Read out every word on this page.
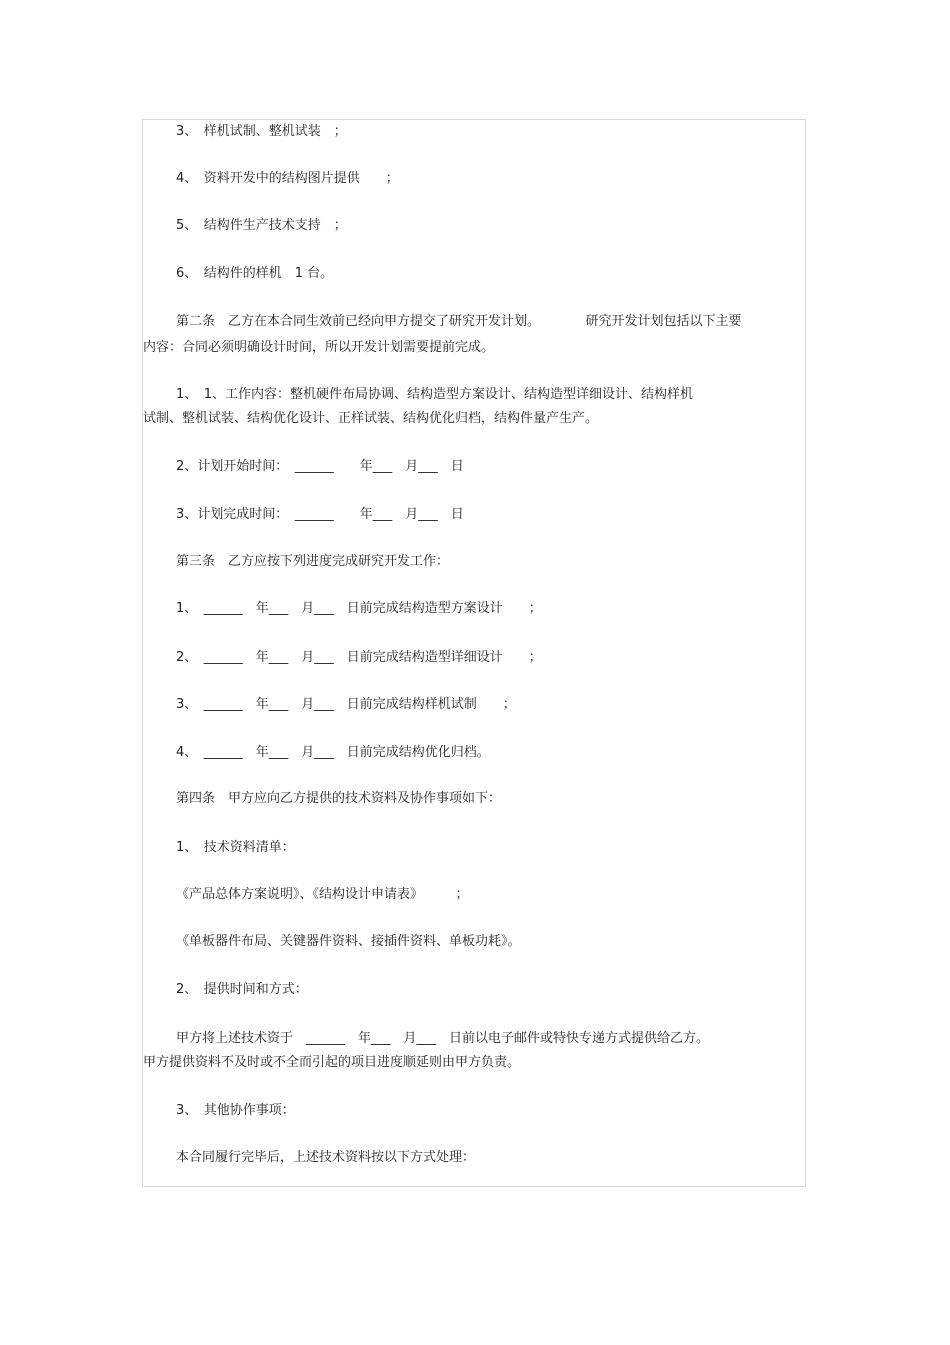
3、　样机试制、整机试装　；
4、　资料开发中的结构图片提供　　；
5、　结构件生产技术支持　；
6、　结构件的样机　1 台。
第二条　乙方在本合同生效前已经向甲方提交了研究开发计划。　　　　研究开发计划包括以下主要
内容：合同必须明确设计时间，所以开发计划需要提前完成。
1、　1、工作内容：整机硬件布局协调、结构造型方案设计、结构造型详细设计、结构样机
试制、整机试装、结构优化设计、正样试装、结构优化归档，结构件量产生产。
2、计划开始时间：　______　　年___　月___　日
3、计划完成时间：　______　　年___　月___　日
第三条　乙方应按下列进度完成研究开发工作：
1、　______　年___　月___　日前完成结构造型方案设计　　；
2、　______　年___　月___　日前完成结构造型详细设计　　；
3、　______　年___　月___　日前完成结构样机试制　　；
4、　______　年___　月___　日前完成结构优化归档。
第四条　甲方应向乙方提供的技术资料及协作事项如下：
1、　技术资料清单：
《产品总体方案说明》、《结构设计申请表》　　　；
《单板器件布局、关键器件资料、接插件资料、单板功耗》。
2、　提供时间和方式：
甲方将上述技术资于　______　年___　月___　日前以电子邮件或特快专递方式提供给乙方。
甲方提供资料不及时或不全而引起的项目进度顺延则由甲方负责。
3、　其他协作事项：
本合同履行完毕后，上述技术资料按以下方式处理：
